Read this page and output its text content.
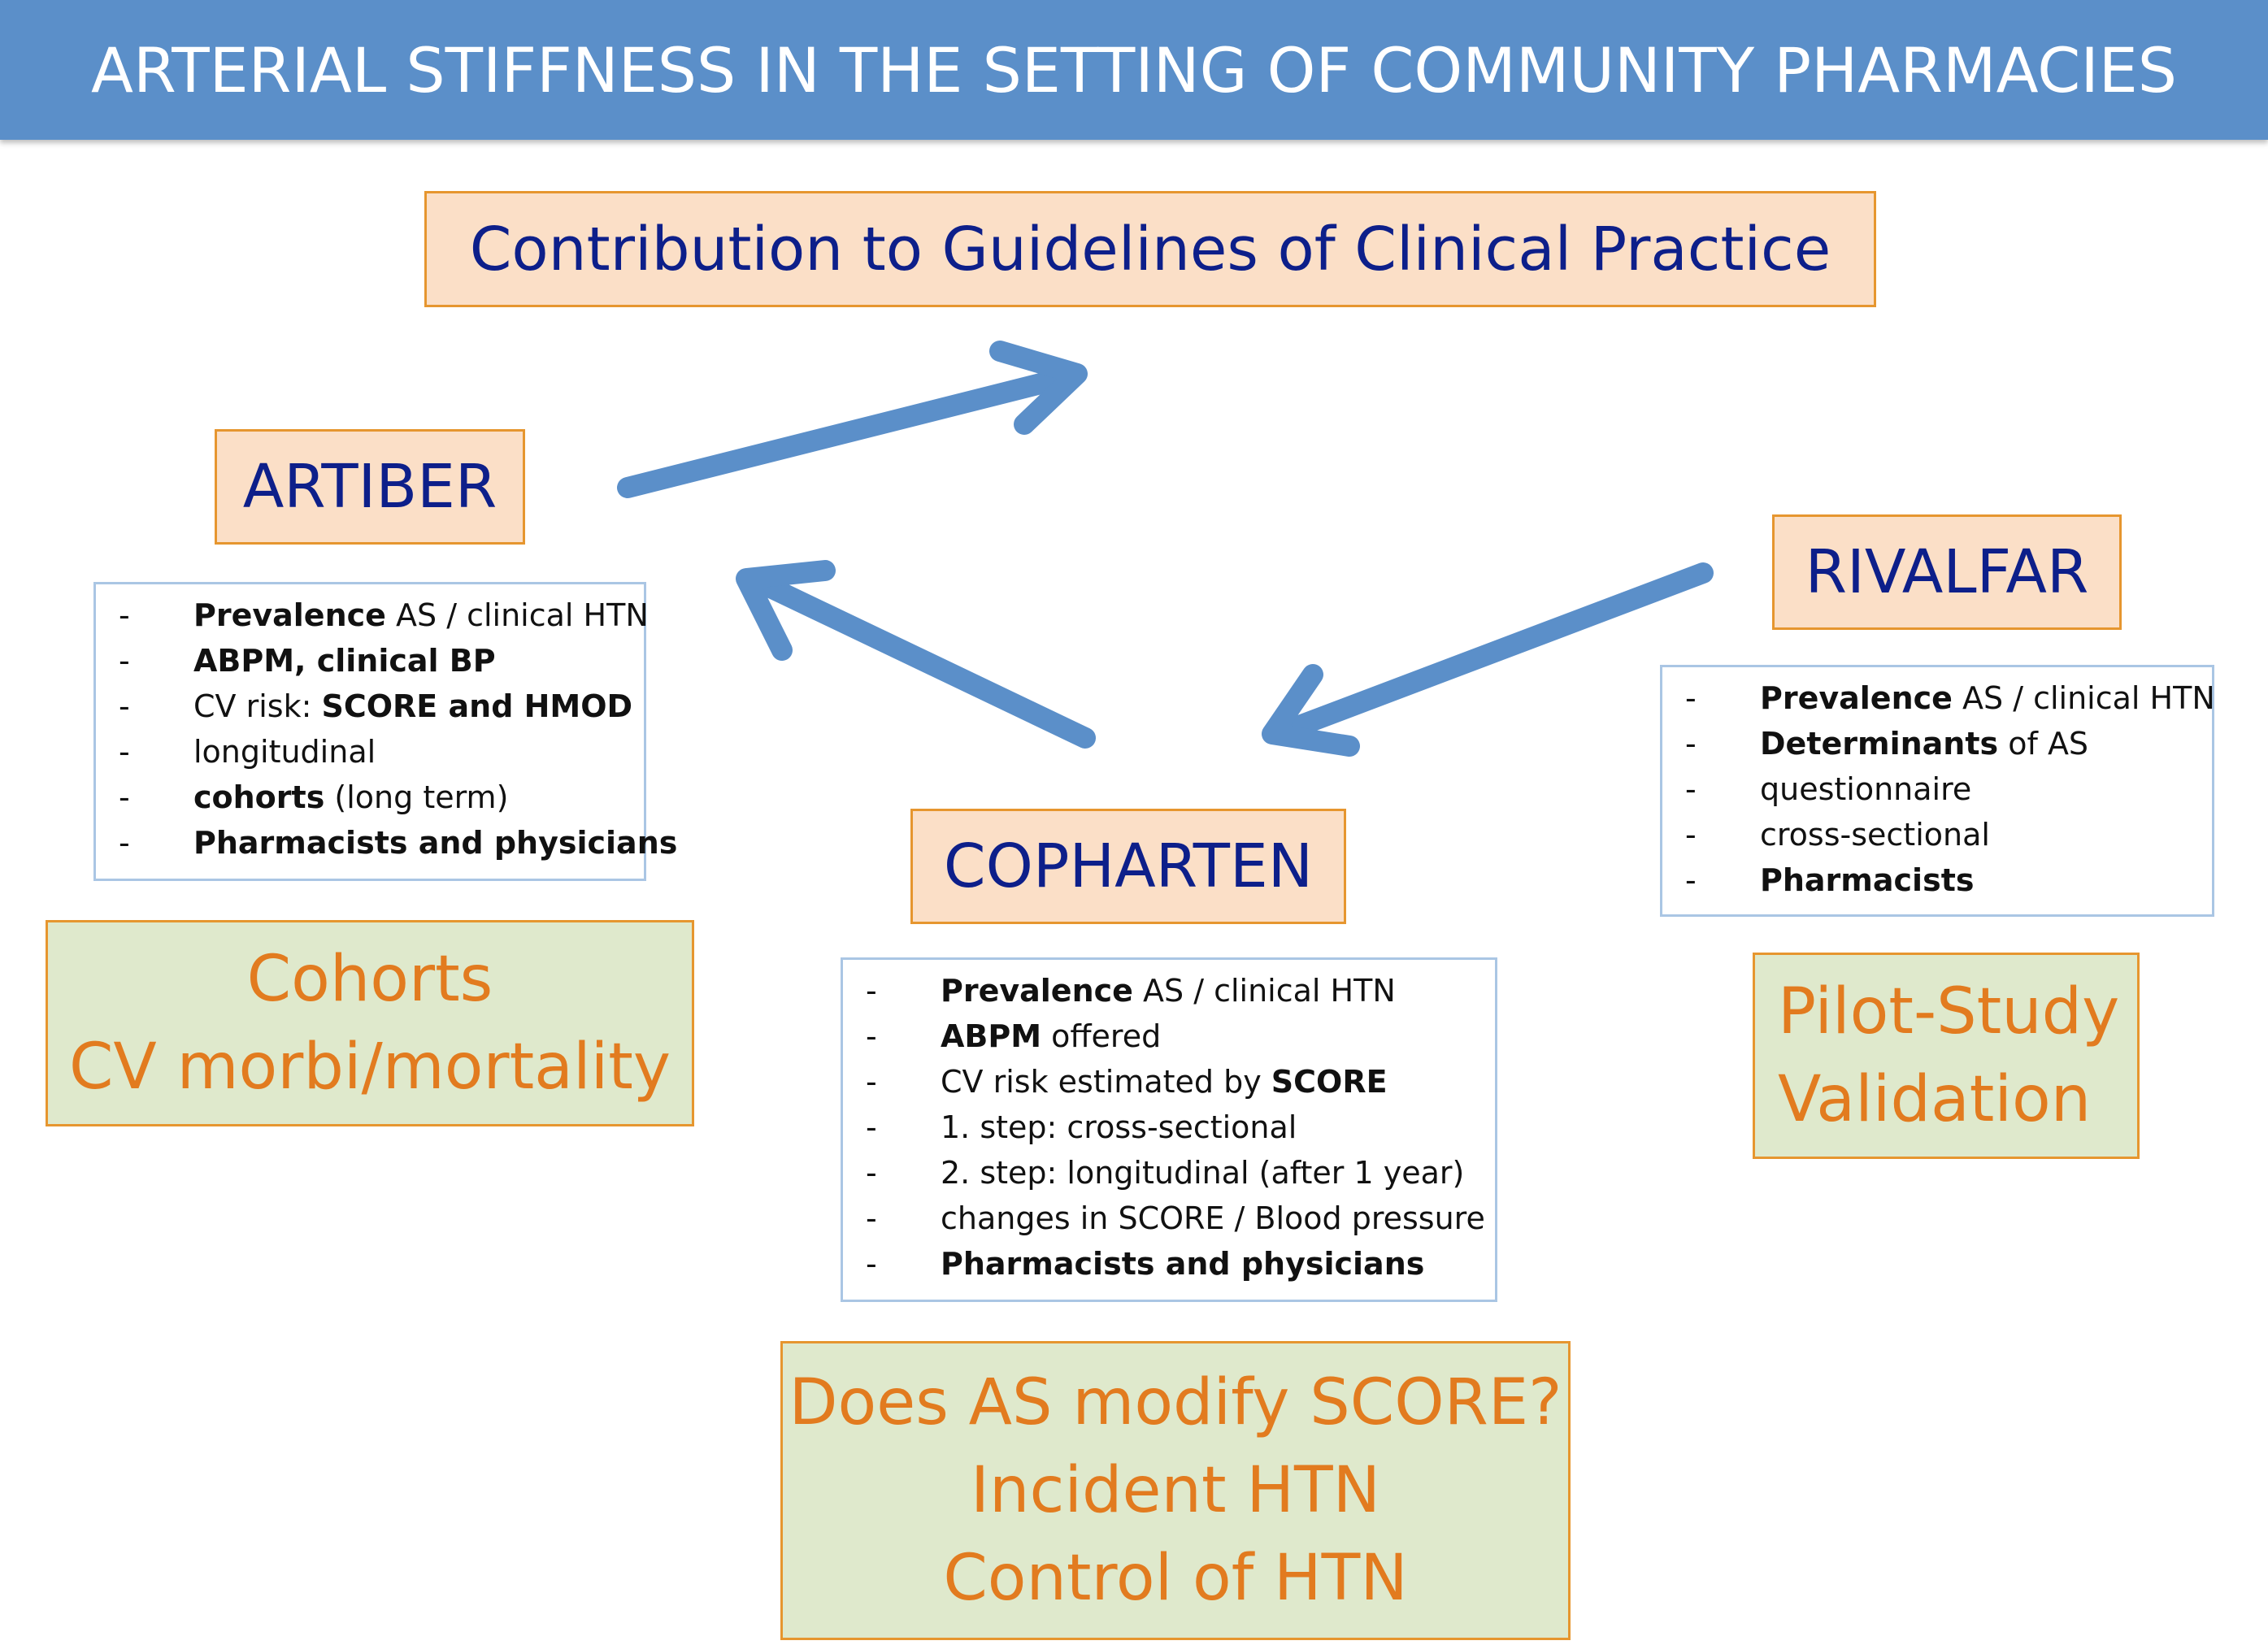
ARTERIAL STIFFNESS IN THE SETTING OF COMMUNITY PHARMACIES
Contribution to Guidelines of Clinical Practice
ARTIBER
-	Prevalence AS / clinical HTN
-	ABPM, clinical BP
-	CV risk: SCORE and HMOD
-	longitudinal
-	cohorts (long term)
-	Pharmacists and physicians
Cohorts
CV morbi/mortality
COPHARTEN
-	Prevalence AS / clinical HTN
-	ABPM offered
-	CV risk estimated by SCORE
-	1. step: cross-sectional
-	2. step: longitudinal (after 1 year)
-	changes in SCORE / Blood pressure
-	Pharmacists and physicians
Does AS modify SCORE?
Incident HTN
Control of HTN
RIVALFAR
-	Prevalence AS / clinical HTN
-	Determinants of AS
-	questionnaire
-	cross-sectional
-	Pharmacists
Pilot-Study
Validation
